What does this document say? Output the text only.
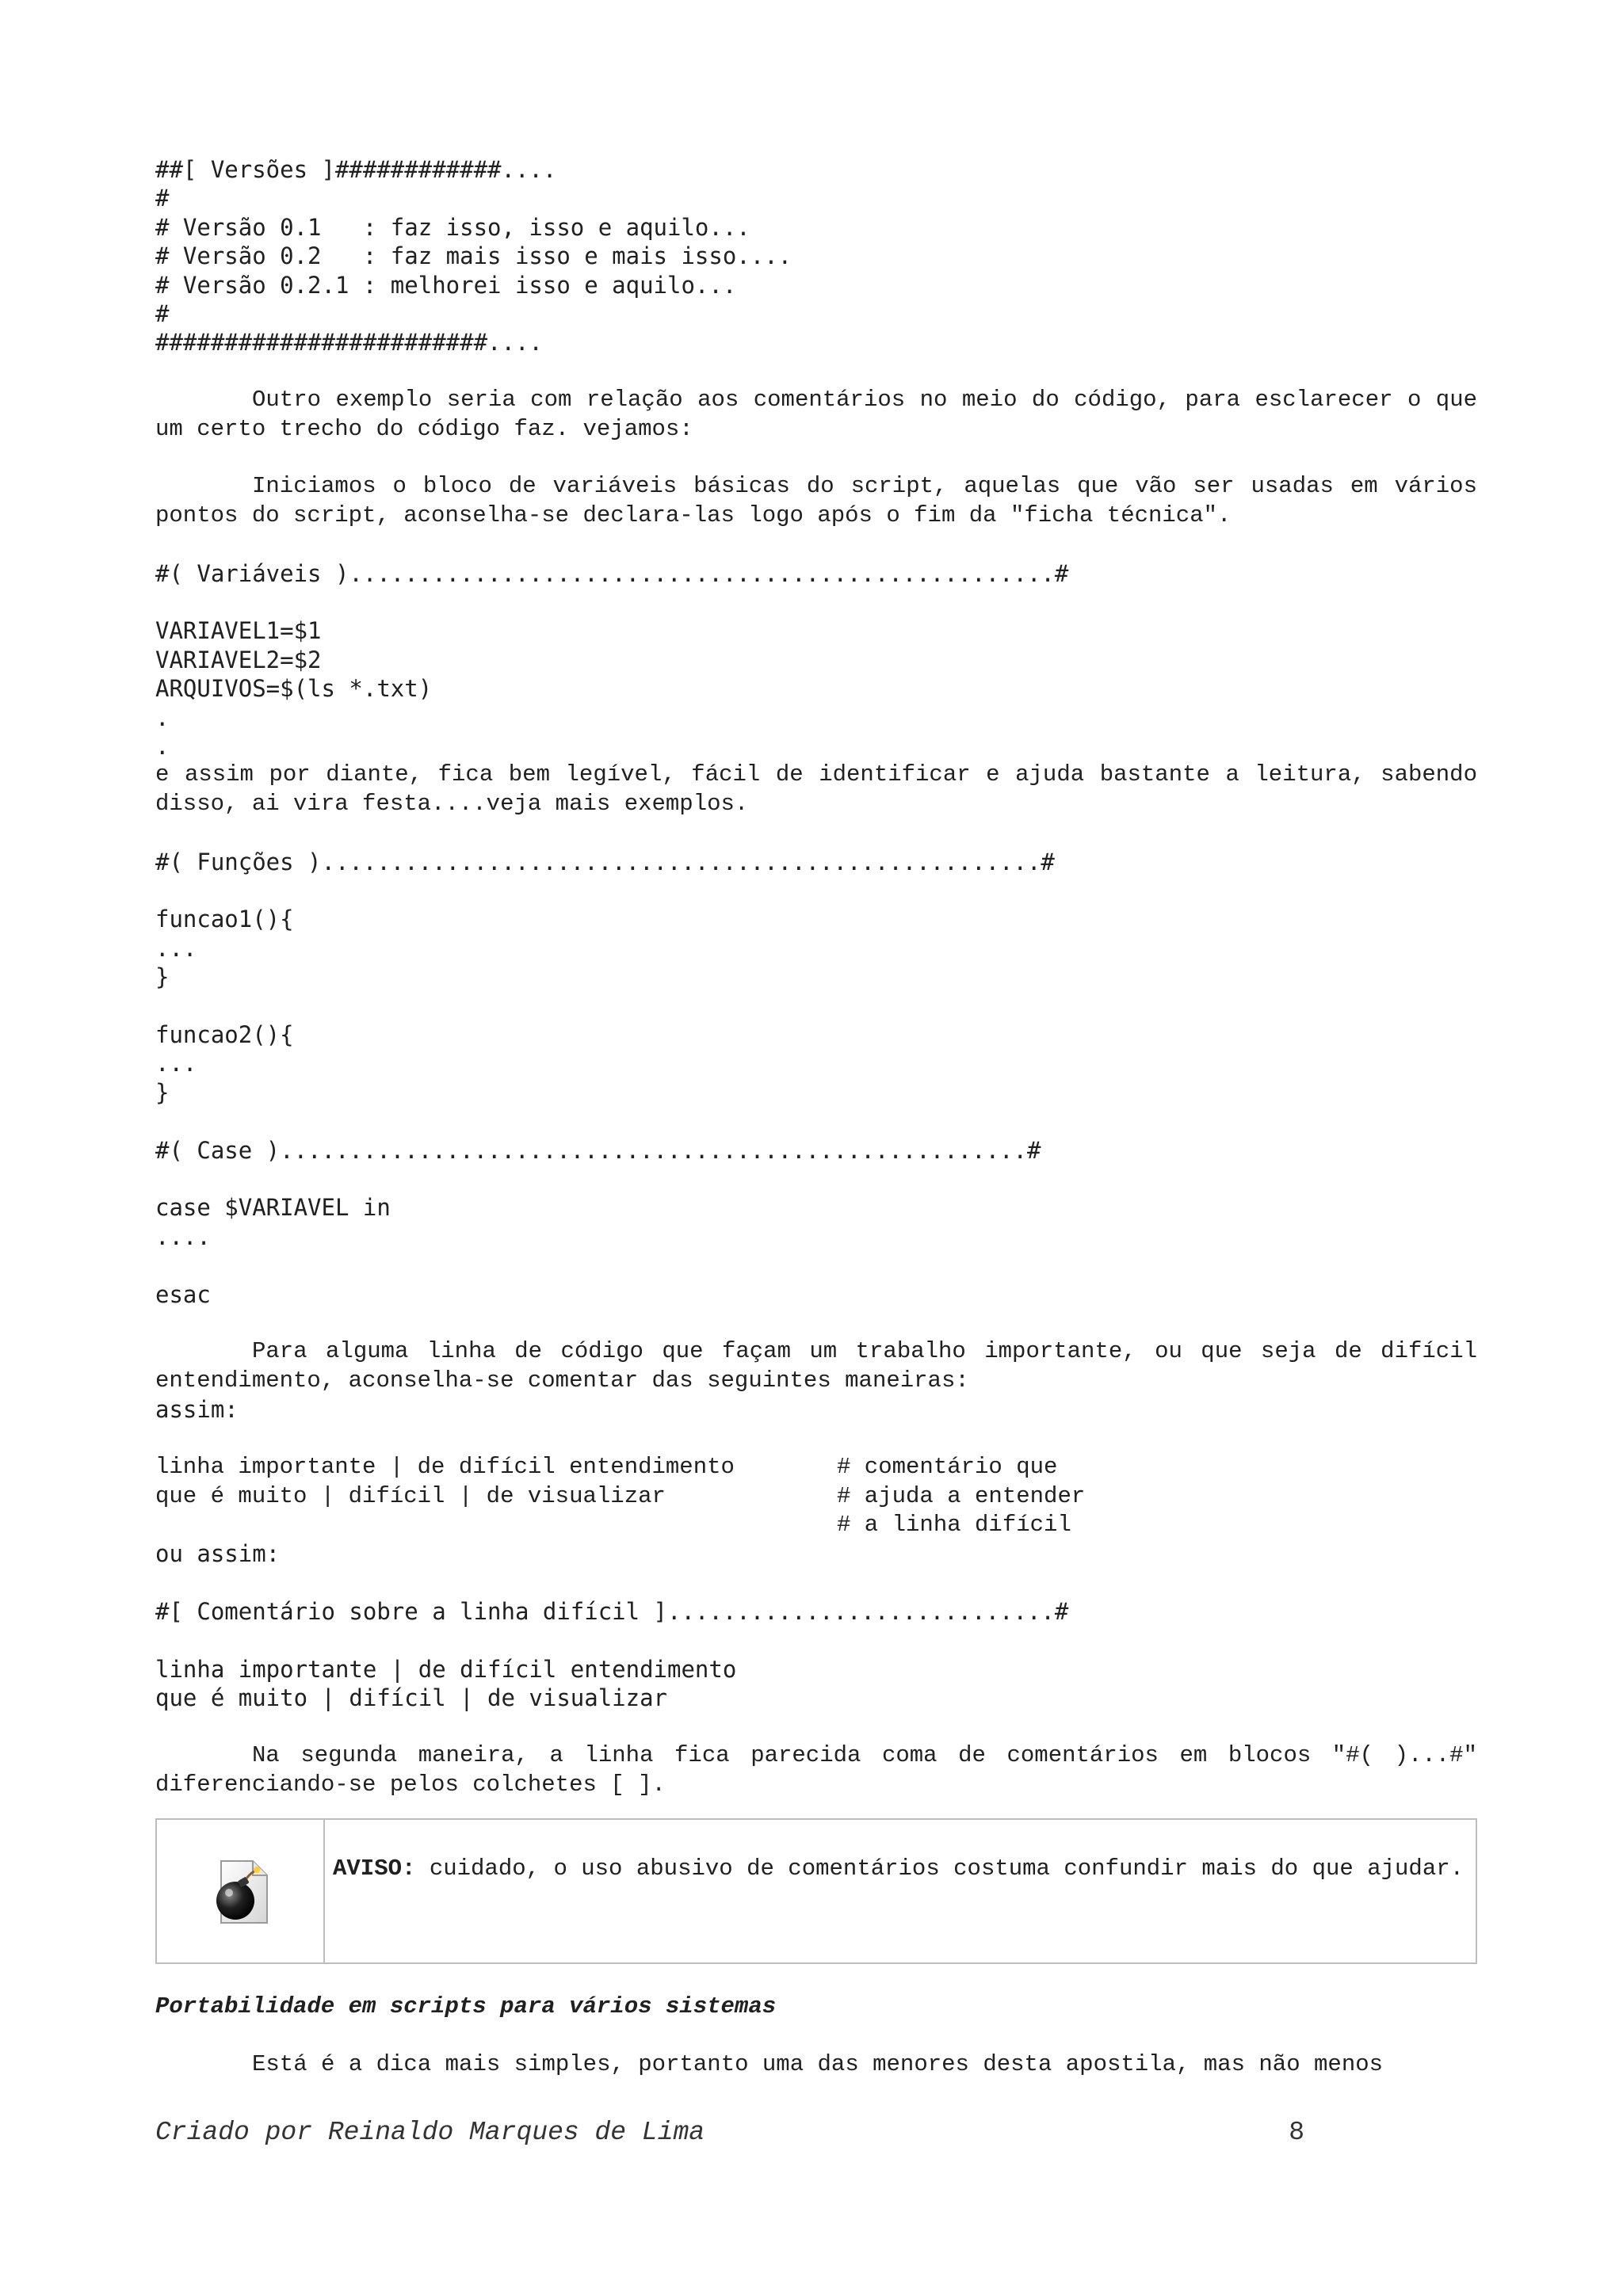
##[ Versões ]############....
#
# Versão 0.1   : faz isso, isso e aquilo...
# Versão 0.2   : faz mais isso e mais isso....
# Versão 0.2.1 : melhorei isso e aquilo...
#
########################....

Outro exemplo seria com relação aos comentários no meio do código, para esclarecer o que um certo trecho do código faz. vejamos:

Iniciamos o bloco de variáveis básicas do script, aquelas que vão ser usadas em vários pontos do script, aconselha-se declara-las logo após o fim da "ficha técnica".

#( Variáveis )...................................................#
VARIAVEL1=$1
VARIAVEL2=$2
ARQUIVOS=$(ls *.txt)
.
.

e assim por diante, fica bem legível, fácil de identificar e ajuda bastante a leitura, sabendo disso, ai vira festa....veja mais exemplos.

#( Funções )....................................................#
funcao1(){
...
}
funcao2(){
...
}
#( Case )......................................................#
case $VARIAVEL in
....
esac

Para alguma linha de código que façam um trabalho importante, ou que seja de difícil entendimento, aconselha-se comentar das seguintes maneiras:

assim:
linha importante | de difícil entendimento
que é muito | difícil | de visualizar

# comentário que
# ajuda a entender
# a linha difícil
ou assim:
#[ Comentário sobre a linha difícil ]............................#
linha importante | de difícil entendimento
que é muito | difícil | de visualizar

Na segunda maneira, a linha fica parecida coma de comentários em blocos "#( )...#" diferenciando-se pelos colchetes [ ].

AVISO: cuidado, o uso abusivo de comentários costuma confundir mais do que ajudar.

Portabilidade em scripts para vários sistemas

Está é a dica mais simples, portanto uma das menores desta apostila, mas não menos

Criado por Reinaldo Marques de Lima	8
